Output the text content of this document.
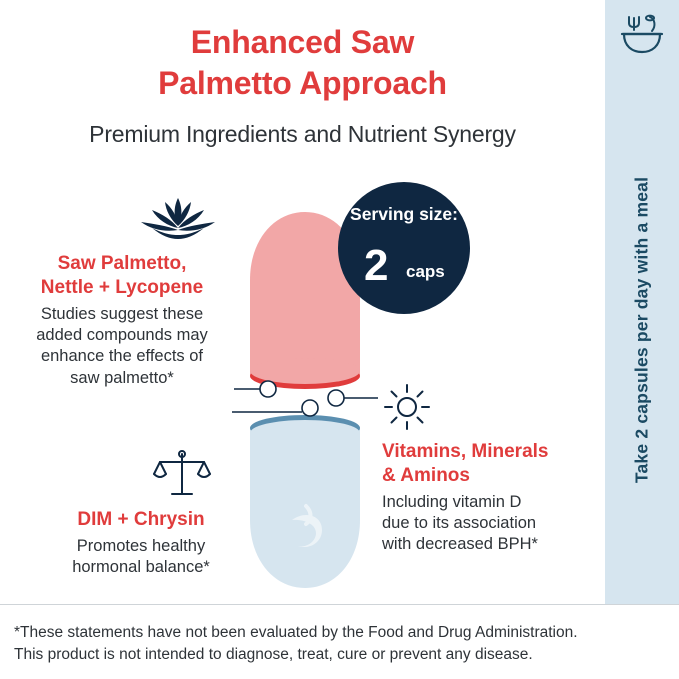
Take 2 capsules per day with a meal
Enhanced Saw
Palmetto Approach
Premium Ingredients and Nutrient Synergy
Serving size:
2 caps
Saw Palmetto,
Nettle + Lycopene
Studies suggest these
added compounds may
enhance the effects of
saw palmetto*
DIM + Chrysin
Promotes healthy
hormonal balance*
Vitamins, Minerals
& Aminos
Including vitamin D
due to its association
with decreased BPH*
*These statements have not been evaluated by the Food and Drug Administration.
This product is not intended to diagnose, treat, cure or prevent any disease.
